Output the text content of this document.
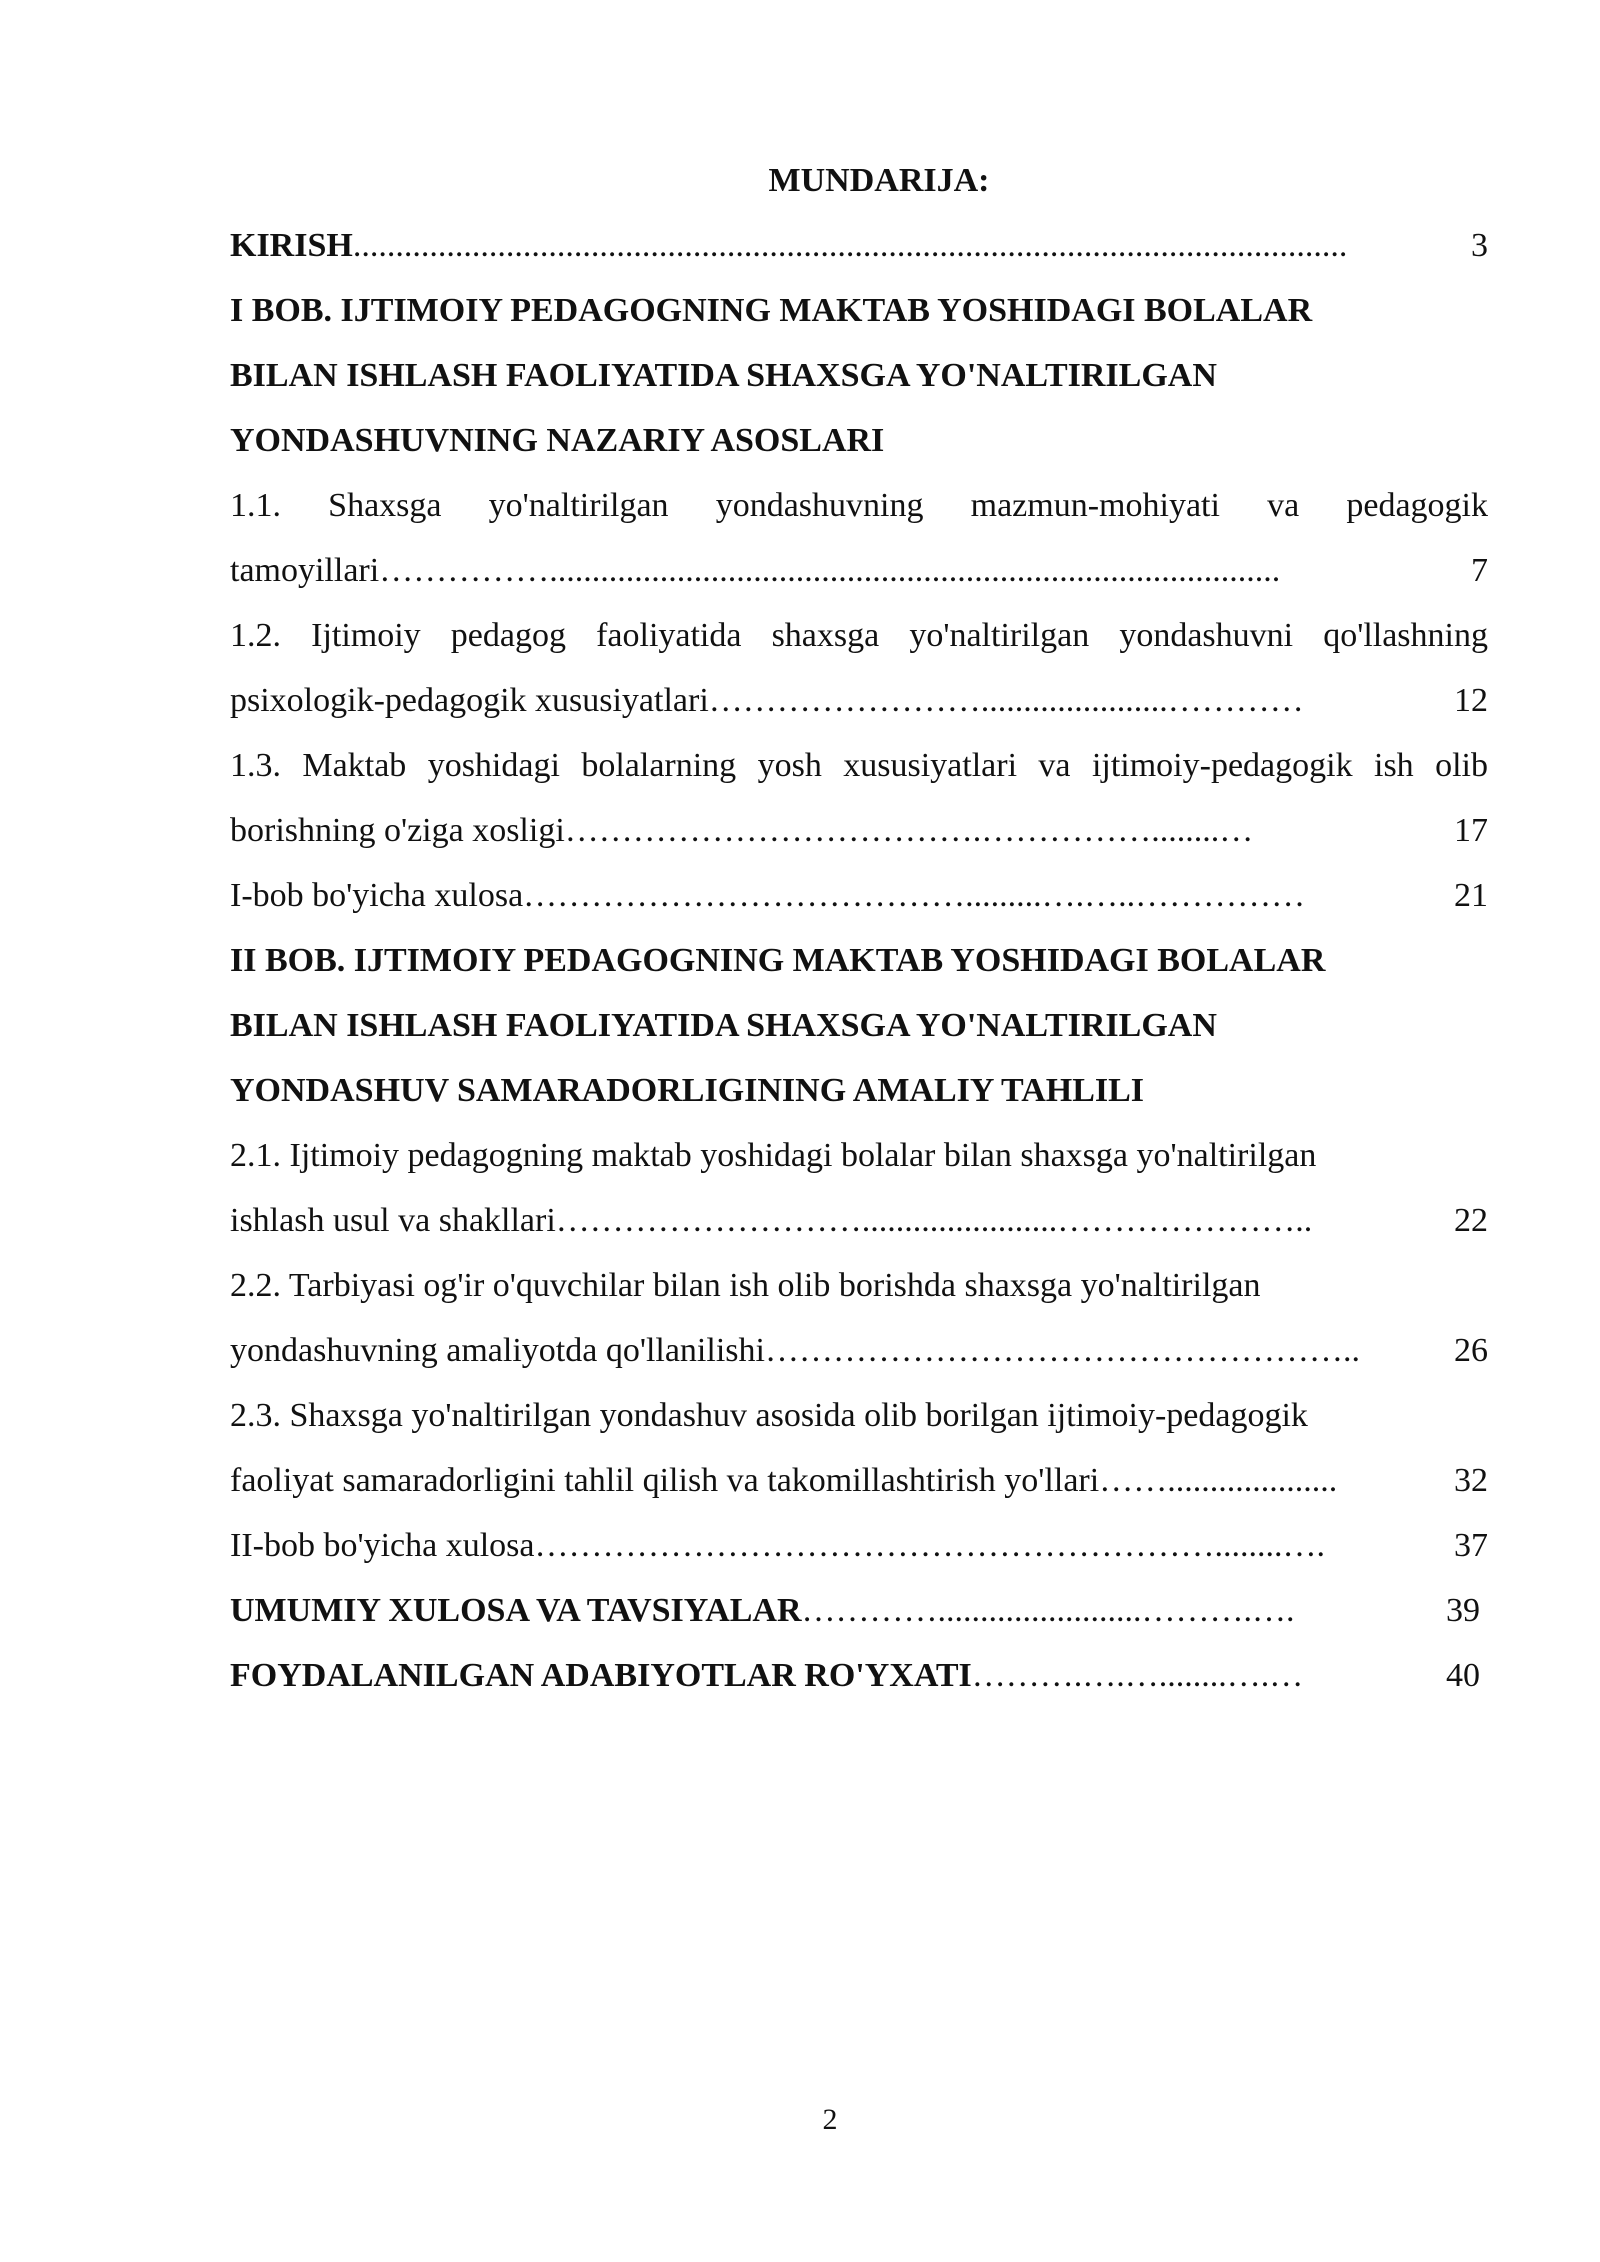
MUNDARIJA:
KIRISH .....................................................................................................................	3
I BOB. IJTIMOIY PEDAGOGNING MAKTAB YOSHIDAGI BOLALAR
BILAN ISHLASH FAOLIYATIDA SHAXSGA YO'NALTIRILGAN
YONDASHUVNING NAZARIY ASOSLARI
1.1. Shaxsga yo'naltirilgan yondashuvning mazmun-mohiyati va pedagogik
tamoyillari ……………......................................................................................	7
1.2. Ijtimoiy pedagog faoliyatida shaxsga yo'naltirilgan yondashuvni qo'llashning
psixologik-pedagogik xususiyatlari ……………………......................…………	12
1.3. Maktab yoshidagi bolalarning yosh xususiyatlari va ijtimoiy-pedagogik ish olib
borishning o'ziga xosligi ……………………………….……………........…	17
I-bob bo'yicha xulosa ………………………………….........….…..……………	21
II BOB. IJTIMOIY PEDAGOGNING MAKTAB YOSHIDAGI BOLALAR
BILAN ISHLASH FAOLIYATIDA SHAXSGA YO'NALTIRILGAN
YONDASHUV SAMARADORLIGINING AMALIY TAHLILI
2.1. Ijtimoiy pedagogning maktab yoshidagi bolalar bilan shaxsga yo'naltirilgan
ishlash usul va shakllari ……………………….......................…………………..	22
2.2. Tarbiyasi og'ir o'quvchilar bilan ish olib borishda shaxsga yo'naltirilgan
yondashuvning amaliyotda qo'llanilishi ……………………………………………..	26
2.3. Shaxsga yo'naltirilgan yondashuv asosida olib borilgan ijtimoiy-pedagogik
faoliyat samaradorligini tahlil qilish va takomillashtirish yo'llari ……....................	32
II-bob bo'yicha xulosa ……………………………………………………........….	37
UMUMIY XULOSA VA TAVSIYALAR …………........................……….….	39
FOYDALANILGAN ADABIYOTLAR RO'YXATI ……….….…........….…	40
2
